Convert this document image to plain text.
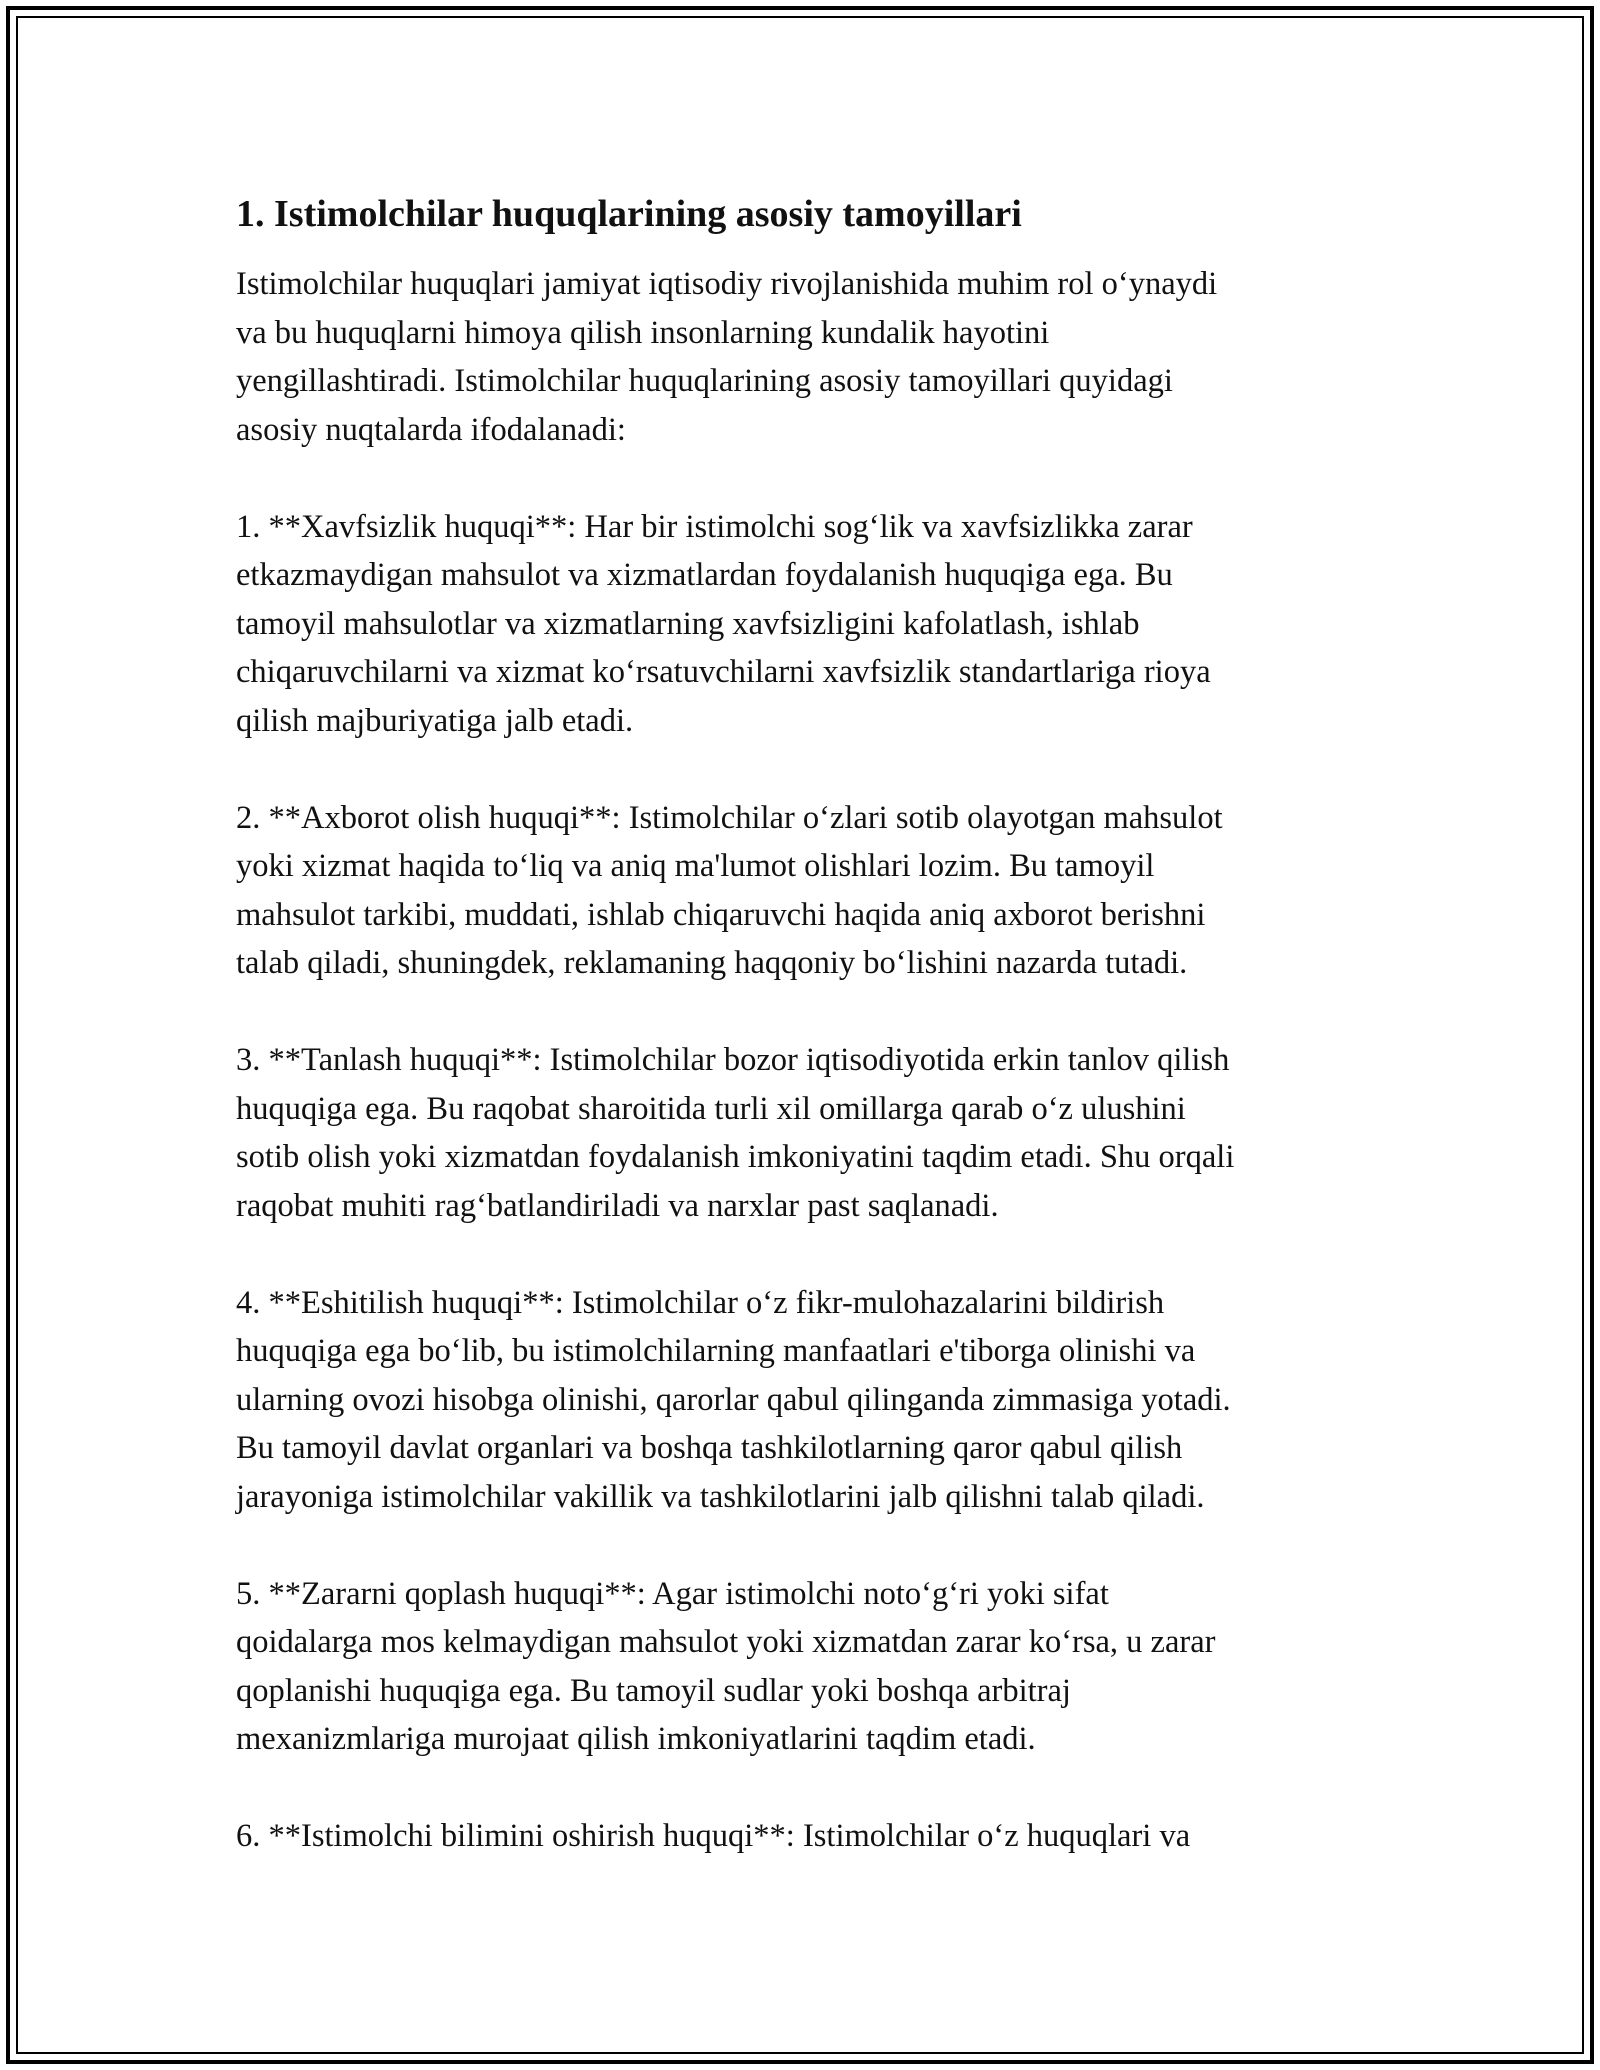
1. Istimolchilar huquqlarining asosiy tamoyillari
Istimolchilar huquqlari jamiyat iqtisodiy rivojlanishida muhim rol o‘ynaydi
va bu huquqlarni himoya qilish insonlarning kundalik hayotini
yengillashtiradi. Istimolchilar huquqlarining asosiy tamoyillari quyidagi
asosiy nuqtalarda ifodalanadi:
1. **Xavfsizlik huquqi**: Har bir istimolchi sog‘lik va xavfsizlikka zarar
etkazmaydigan mahsulot va xizmatlardan foydalanish huquqiga ega. Bu
tamoyil mahsulotlar va xizmatlarning xavfsizligini kafolatlash, ishlab
chiqaruvchilarni va xizmat ko‘rsatuvchilarni xavfsizlik standartlariga rioya
qilish majburiyatiga jalb etadi.
2. **Axborot olish huquqi**: Istimolchilar o‘zlari sotib olayotgan mahsulot
yoki xizmat haqida to‘liq va aniq ma'lumot olishlari lozim. Bu tamoyil
mahsulot tarkibi, muddati, ishlab chiqaruvchi haqida aniq axborot berishni
talab qiladi, shuningdek, reklamaning haqqoniy bo‘lishini nazarda tutadi.
3. **Tanlash huquqi**: Istimolchilar bozor iqtisodiyotida erkin tanlov qilish
huquqiga ega. Bu raqobat sharoitida turli xil omillarga qarab o‘z ulushini
sotib olish yoki xizmatdan foydalanish imkoniyatini taqdim etadi. Shu orqali
raqobat muhiti rag‘batlandiriladi va narxlar past saqlanadi.
4. **Eshitilish huquqi**: Istimolchilar o‘z fikr-mulohazalarini bildirish
huquqiga ega bo‘lib, bu istimolchilarning manfaatlari e'tiborga olinishi va
ularning ovozi hisobga olinishi, qarorlar qabul qilinganda zimmasiga yotadi.
Bu tamoyil davlat organlari va boshqa tashkilotlarning qaror qabul qilish
jarayoniga istimolchilar vakillik va tashkilotlarini jalb qilishni talab qiladi.
5. **Zararni qoplash huquqi**: Agar istimolchi noto‘g‘ri yoki sifat
qoidalarga mos kelmaydigan mahsulot yoki xizmatdan zarar ko‘rsa, u zarar
qoplanishi huquqiga ega. Bu tamoyil sudlar yoki boshqa arbitraj
mexanizmlariga murojaat qilish imkoniyatlarini taqdim etadi.
6. **Istimolchi bilimini oshirish huquqi**: Istimolchilar o‘z huquqlari va
